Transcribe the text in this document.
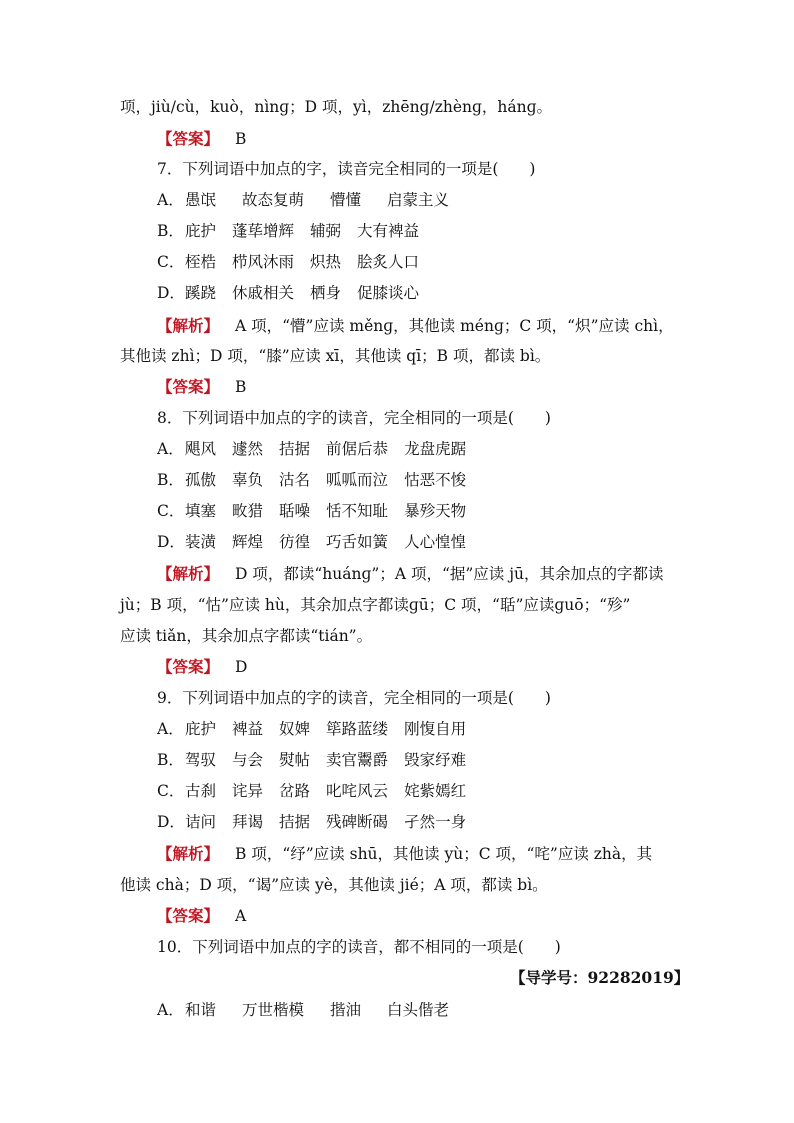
项，jiù/cù，kuò，nìnɡ；D 项，yì，zhēnɡ/zhènɡ，hánɡ。
【答案】 B
7．下列词语中加点的字，读音完全相同的一项是(　　)
A．愚氓 故态复萌 懵懂 启蒙主义
B．庇护 蓬荜增辉 辅弼 大有裨益
C．桎梏 栉风沐雨 炽热 脍炙人口
D．蹊跷 休戚相关 栖身 促膝谈心
【解析】 A 项，“懵”应读 měnɡ，其他读 ménɡ；C 项，“炽”应读 chì，
其他读 zhì；D 项，“膝”应读 xī，其他读 qī；B 项，都读 bì。
【答案】 B
8．下列词语中加点的字的读音，完全相同的一项是(　　)
A．飓风 遽然 拮据 前倨后恭 龙盘虎踞
B．孤傲 辜负 沽名 呱呱而泣 怙恶不悛
C．填塞 畋猎 聒噪 恬不知耻 暴殄天物
D．装潢 辉煌 彷徨 巧舌如簧 人心惶惶
【解析】 D 项，都读“huánɡ”；A 项，“据”应读 jū，其余加点的字都读
jù；B 项，“怙”应读 hù，其余加点字都读ɡū；C 项，“聒”应读ɡuō；“殄”
应读 tiǎn，其余加点字都读“tián”。
【答案】 D
9．下列词语中加点的字的读音，完全相同的一项是(　　)
A．庇护 裨益 奴婢 筚路蓝缕 刚愎自用
B．驾驭 与会 熨帖 卖官鬻爵 毁家纾难
C．古刹 诧异 岔路 叱咤风云 姹紫嫣红
D．诘问 拜谒 拮据 残碑断碣 孑然一身
【解析】 B 项，“纾”应读 shū，其他读 yù；C 项，“咤”应读 zhà，其
他读 chà；D 项，“谒”应读 yè，其他读 jié；A 项，都读 bì。
【答案】 A
10．下列词语中加点的字的读音，都不相同的一项是(　　)
【导学号：92282019】
A．和谐 万世楷模 揩油 白头偕老
